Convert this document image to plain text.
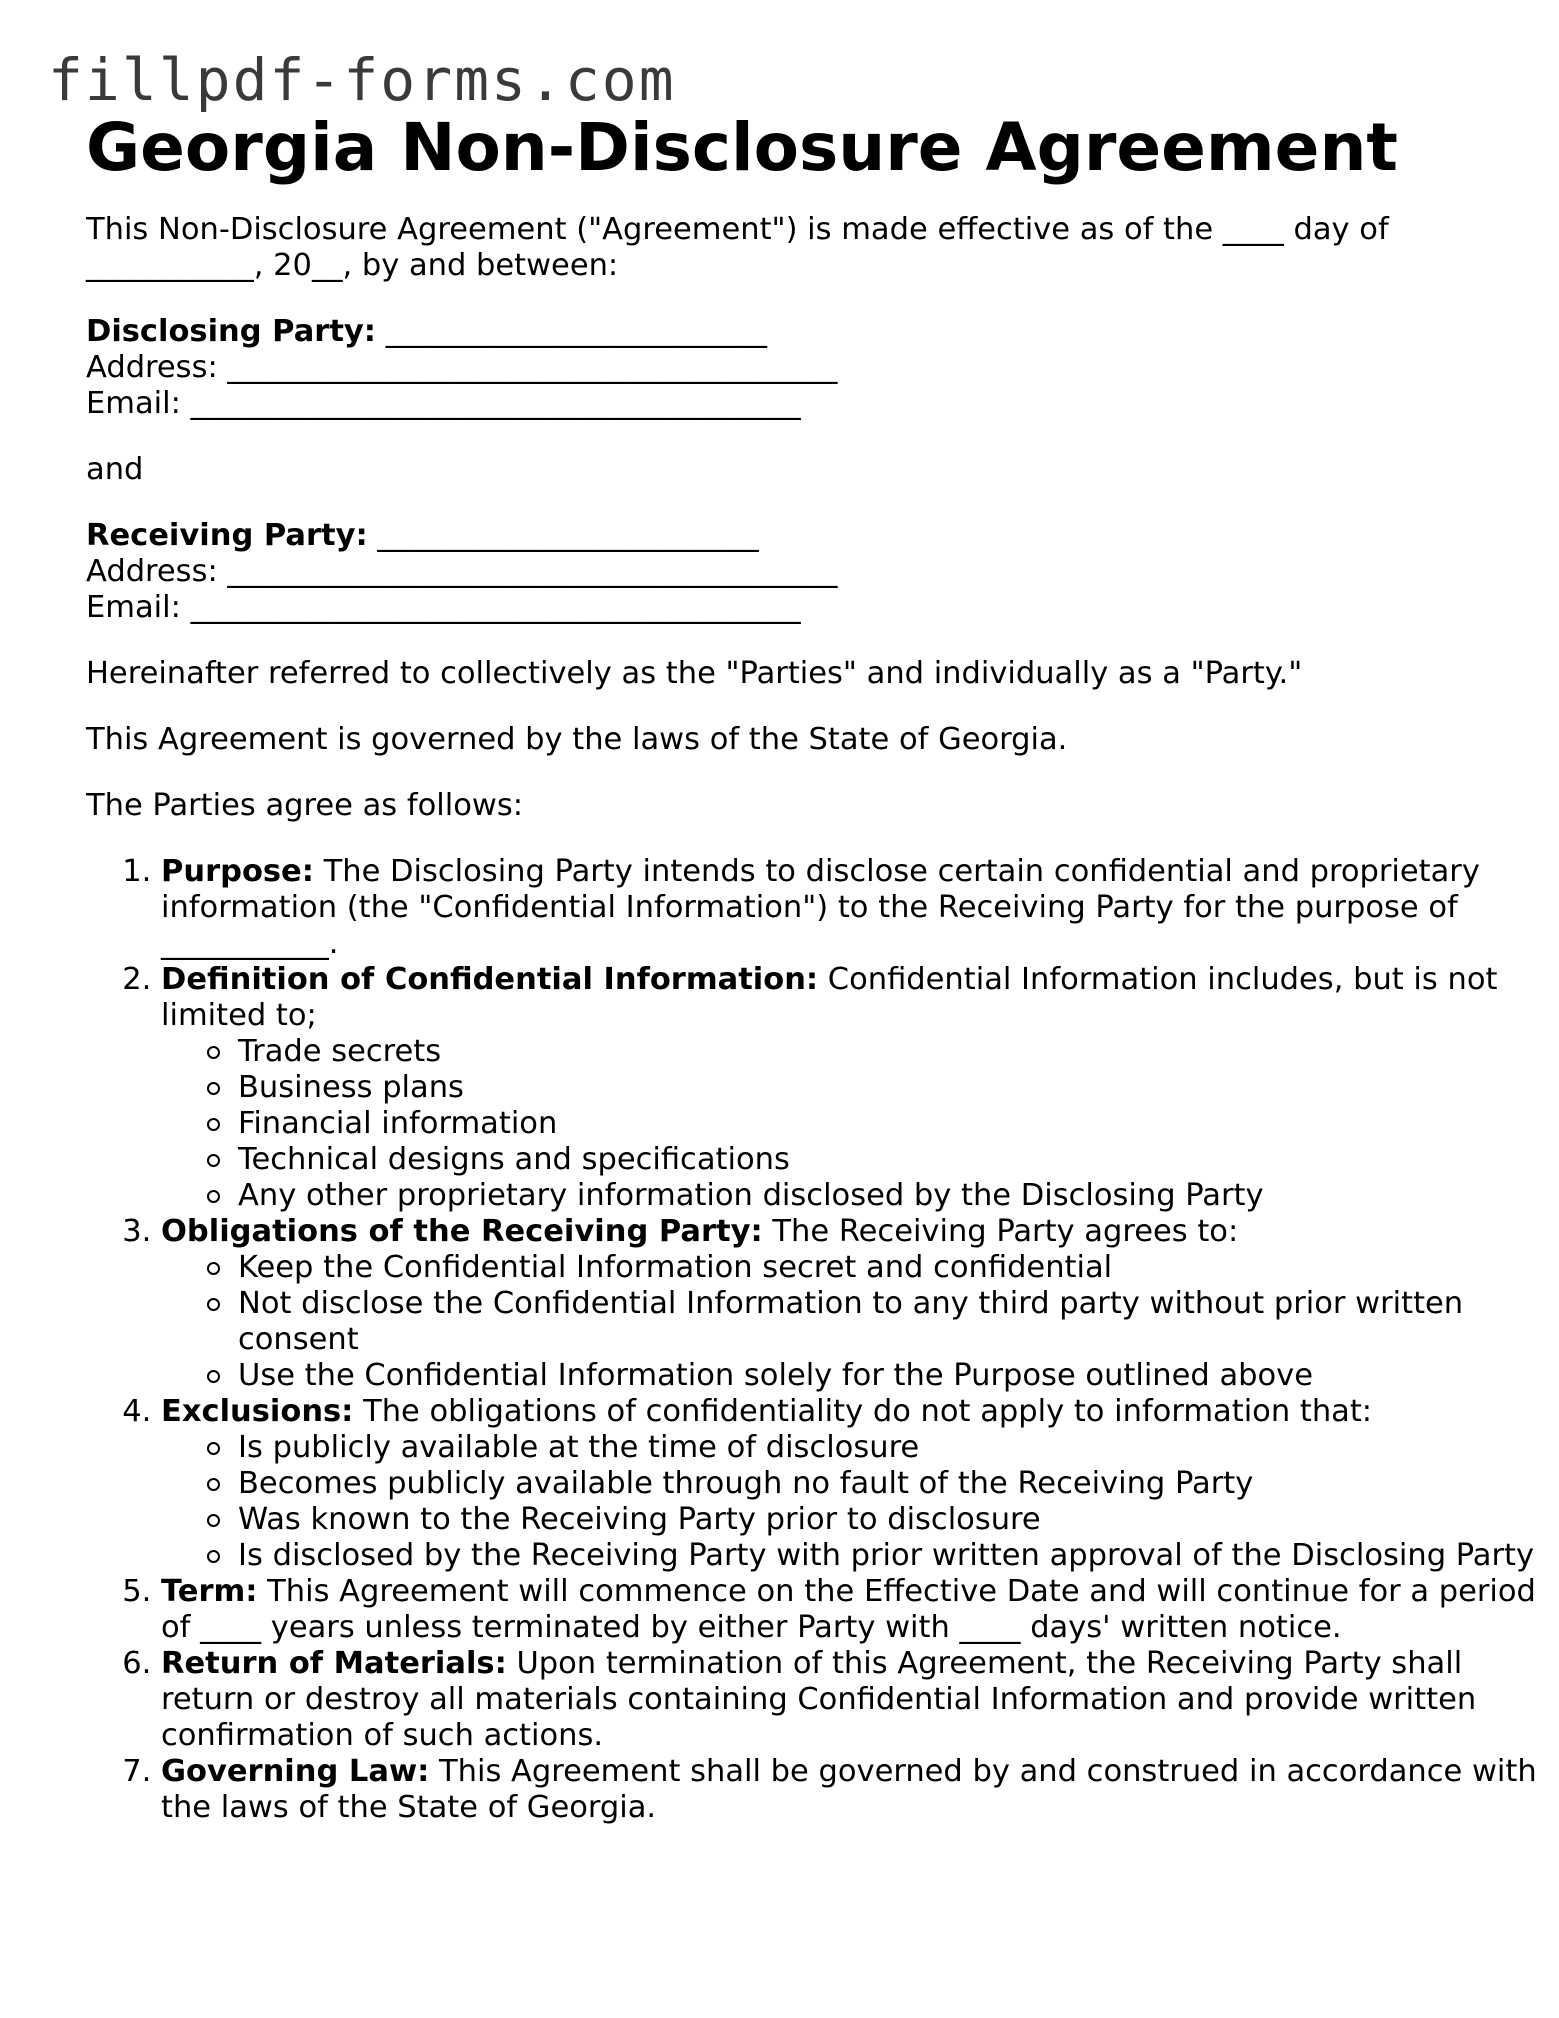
fillpdf-forms.com
Georgia Non-Disclosure Agreement

This Non-Disclosure Agreement ("Agreement") is made effective as of the ____ day of ___________, 20__, by and between:

Disclosing Party: _________________________
Address: ________________________________________
Email: ________________________________________

and

Receiving Party: _________________________
Address: ________________________________________
Email: ________________________________________

Hereinafter referred to collectively as the "Parties" and individually as a "Party."

This Agreement is governed by the laws of the State of Georgia.

The Parties agree as follows:

1. Purpose: The Disclosing Party intends to disclose certain confidential and proprietary information (the "Confidential Information") to the Receiving Party for the purpose of ___________.
2. Definition of Confidential Information: Confidential Information includes, but is not limited to;
Trade secrets
Business plans
Financial information
Technical designs and specifications
Any other proprietary information disclosed by the Disclosing Party
3. Obligations of the Receiving Party: The Receiving Party agrees to:
Keep the Confidential Information secret and confidential
Not disclose the Confidential Information to any third party without prior written consent
Use the Confidential Information solely for the Purpose outlined above
4. Exclusions: The obligations of confidentiality do not apply to information that:
Is publicly available at the time of disclosure
Becomes publicly available through no fault of the Receiving Party
Was known to the Receiving Party prior to disclosure
Is disclosed by the Receiving Party with prior written approval of the Disclosing Party
5. Term: This Agreement will commence on the Effective Date and will continue for a period of ____ years unless terminated by either Party with ____ days' written notice.
6. Return of Materials: Upon termination of this Agreement, the Receiving Party shall return or destroy all materials containing Confidential Information and provide written confirmation of such actions.
7. Governing Law: This Agreement shall be governed by and construed in accordance with the laws of the State of Georgia.
